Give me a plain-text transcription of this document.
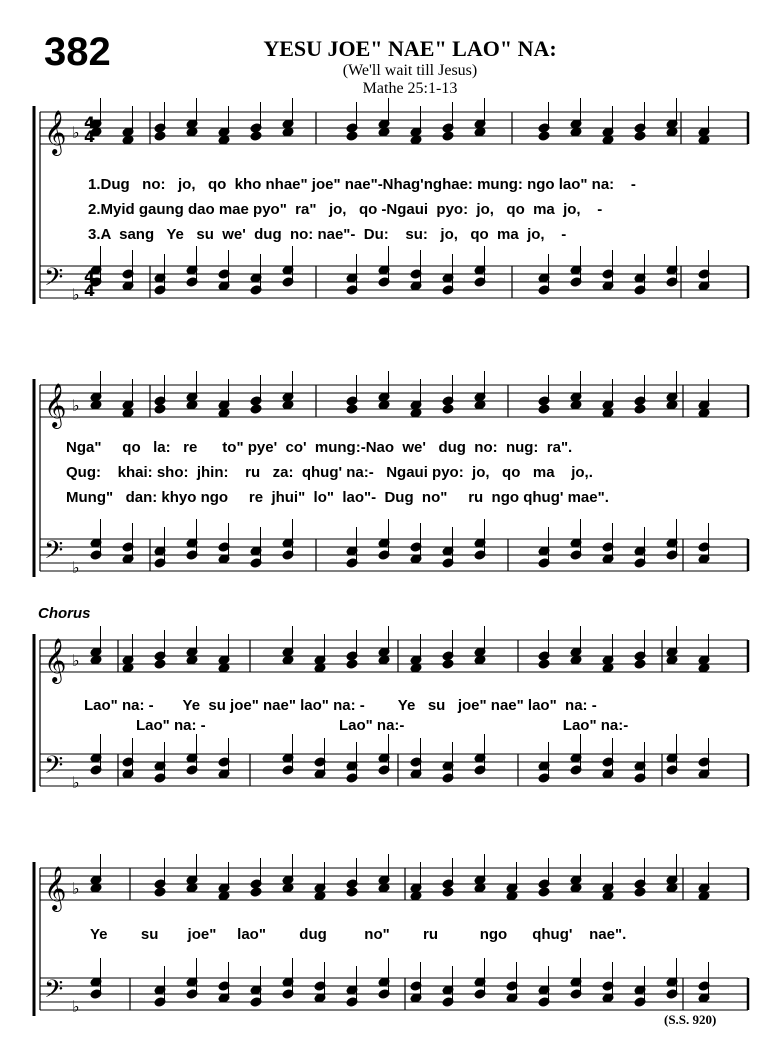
382	YESU JOE" NAE" LAO" NA:
(We'll wait till Jesus)
Mathe 25:1-13
𝄞
𝄢
♭
♭
𝄞
𝄢
♭
♭
𝄞
𝄢
♭
♭
𝄞
𝄢
♭
♭
4
4
4
4
1.Dug   no:   jo,   qo  kho nhae" joe" nae"-Nhag'nghae: mung: ngo lao" na:    -
2.Myid gaung dao mae pyo"  ra"   jo,   qo -Ngaui  pyo:  jo,   qo  ma  jo,    -
3.A  sang   Ye   su  we'  dug  no: nae"-  Du:    su:   jo,   qo  ma  jo,    -
Nga"     qo   la:   re      to" pye'  co'  mung:-Nao  we'   dug  no:  nug:  ra".
Qug:    khai: sho:  jhin:    ru   za:  qhug' na:-   Ngaui pyo:  jo,   qo   ma    jo,.
Mung"   dan: khyo ngo     re  jhui"  lo"  lao"-  Dug  no"     ru  ngo qhug' mae".
Chorus
Lao" na: -       Ye  su joe" nae" lao" na: -        Ye   su   joe" nae" lao"  na: -
Lao" na: -                                Lao" na:-                                      Lao" na:-
Ye        su       joe"     lao"        dug         no"        ru          ngo      qhug'    nae".
(S.S. 920)
